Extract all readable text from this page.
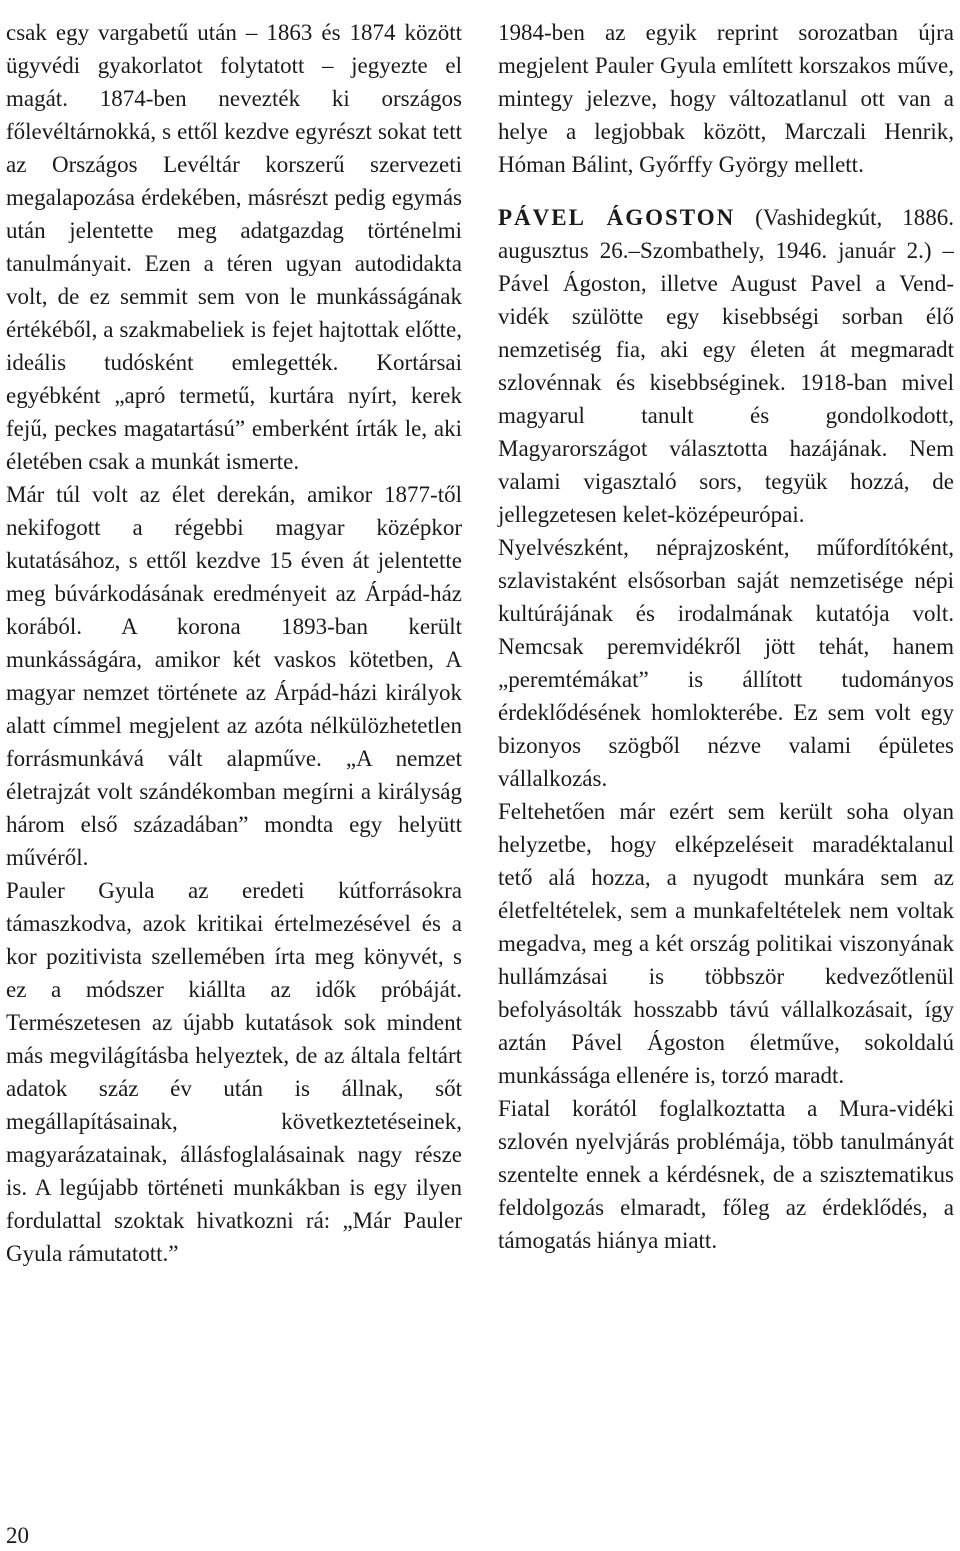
csak egy vargabetű után – 1863 és 1874 között ügyvédi gyakorlatot folytatott – jegyezte el magát. 1874-ben nevezték ki országos főlevéltárnokká, s ettől kezdve egyrészt sokat tett az Országos Levéltár korszerű szervezeti megalapozása érdekében, másrészt pedig egymás után jelentette meg adatgazdag történelmi tanulmányait. Ezen a téren ugyan autodidakta volt, de ez semmit sem von le munkásságának értékéből, a szakmabeliek is fejet hajtottak előtte, ideális tudósként emlegették. Kortársai egyébként „apró termetű, kurtára nyírt, kerek fejű, peckes magatartású” emberként írták le, aki életében csak a munkát ismerte.

Már túl volt az élet derekán, amikor 1877-től nekifogott a régebbi magyar középkor kutatásához, s ettől kezdve 15 éven át jelentette meg búvárkodásának eredményeit az Árpád-ház korából. A korona 1893-ban került munkásságára, amikor két vaskos kötetben, A magyar nemzet története az Árpád-házi királyok alatt címmel megjelent az azóta nélkülözhetetlen forrásmunkává vált alapműve. „A nemzet életrajzát volt szándékomban megírni a királyság három első századában” mondta egy helyütt művéről.

Pauler Gyula az eredeti kútforrásokra támaszkodva, azok kritikai értelmezésével és a kor pozitivista szellemében írta meg könyvét, s ez a módszer kiállta az idők próbáját. Természetesen az újabb kutatások sok mindent más megvilágításba helyeztek, de az általa feltárt adatok száz év után is állnak, sőt megállapításainak, következtetéseinek, magyarázatainak, állásfoglalásainak nagy része is. A legújabb történeti munkákban is egy ilyen fordulattal szoktak hivatkozni rá: „Már Pauler Gyula rámutatott.”

1984-ben az egyik reprint sorozatban újra megjelent Pauler Gyula említett korszakos műve, mintegy jelezve, hogy változatlanul ott van a helye a legjobbak között, Marczali Henrik, Hóman Bálint, Győrffy György mellett.

PÁVEL ÁGOSTON (Vashidegkút, 1886. augusztus 26.–Szombathely, 1946. január 2.) – Pável Ágoston, illetve August Pavel a Vend-vidék szülötte egy kisebbségi sorban élő nemzetiség fia, aki egy életen át megmaradt szlovénnak és kisebbséginek. 1918-ban mivel magyarul tanult és gondolkodott, Magyarországot választotta hazájának. Nem valami vigasztaló sors, tegyük hozzá, de jellegzetesen kelet-középeurópai.

Nyelvészként, néprajzosként, műfordítóként, szlavistaként elsősorban saját nemzetisége népi kultúrájának és irodalmának kutatója volt. Nemcsak peremvidékről jött tehát, hanem „peremtémákat” is állított tudományos érdeklődésének homlokterébe. Ez sem volt egy bizonyos szögből nézve valami épületes vállalkozás.

Feltehetően már ezért sem került soha olyan helyzetbe, hogy elképzeléseit maradéktalanul tető alá hozza, a nyugodt munkára sem az életfeltételek, sem a munkafeltételek nem voltak megadva, meg a két ország politikai viszonyának hullámzásai is többször kedvezőtlenül befolyásolták hosszabb távú vállalkozásait, így aztán Pável Ágoston életműve, sokoldalú munkássága ellenére is, torzó maradt.

Fiatal korától foglalkoztatta a Mura-vidéki szlovén nyelvjárás problémája, több tanulmányát szentelte ennek a kérdésnek, de a szisztematikus feldolgozás elmaradt, főleg az érdeklődés, a támogatás hiánya miatt.

20
